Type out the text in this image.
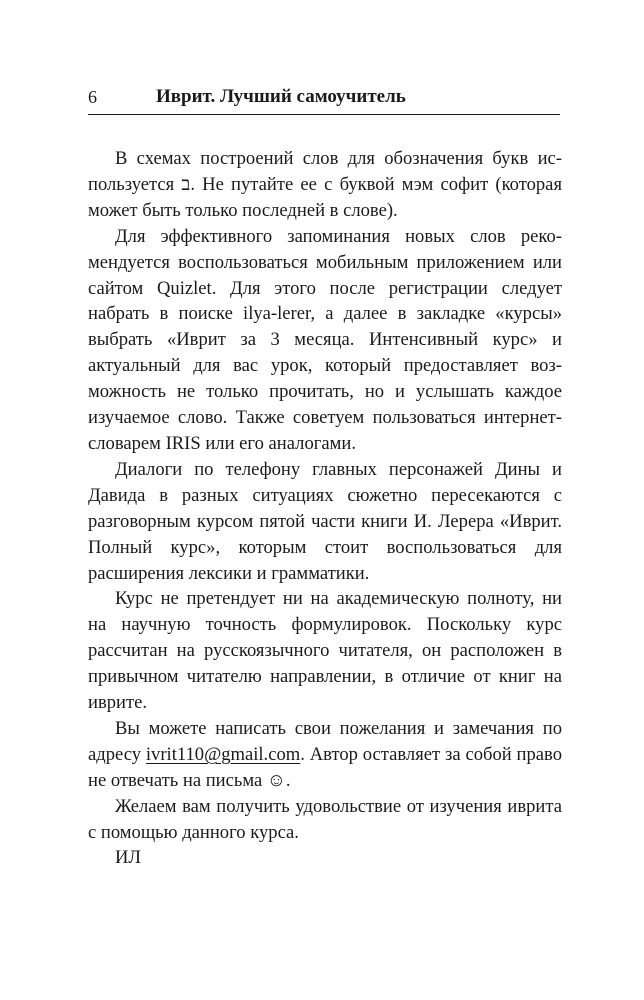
6	Иврит. Лучший самоучитель

В схемах построений слов для обозначения букв используется ב. Не путайте ее с буквой мэм софит (которая может быть только последней в слове).

Для эффективного запоминания новых слов рекомендуется воспользоваться мобильным приложением или сайтом Quizlet. Для этого после регистрации следует набрать в поиске ilya-lerer, а далее в закладке «курсы» выбрать «Иврит за 3 месяца. Интенсивный курс» и актуальный для вас урок, который предоставляет возможность не только прочитать, но и услышать каждое изучаемое слово. Также советуем пользоваться интернет-словарем IRIS или его аналогами.

Диалоги по телефону главных персонажей Дины и Давида в разных ситуациях сюжетно пересекаются с разговорным курсом пятой части книги И. Лерера «Иврит. Полный курс», которым стоит воспользоваться для расширения лексики и грамматики.

Курс не претендует ни на академическую полноту, ни на научную точность формулировок. Поскольку курс рассчитан на русскоязычного читателя, он расположен в привычном читателю направлении, в отличие от книг на иврите.

Вы можете написать свои пожелания и замечания по адресу ivrit110@gmail.com. Автор оставляет за собой право не отвечать на письма ☺.

Желаем вам получить удовольствие от изучения иврита с помощью данного курса.

ИЛ
